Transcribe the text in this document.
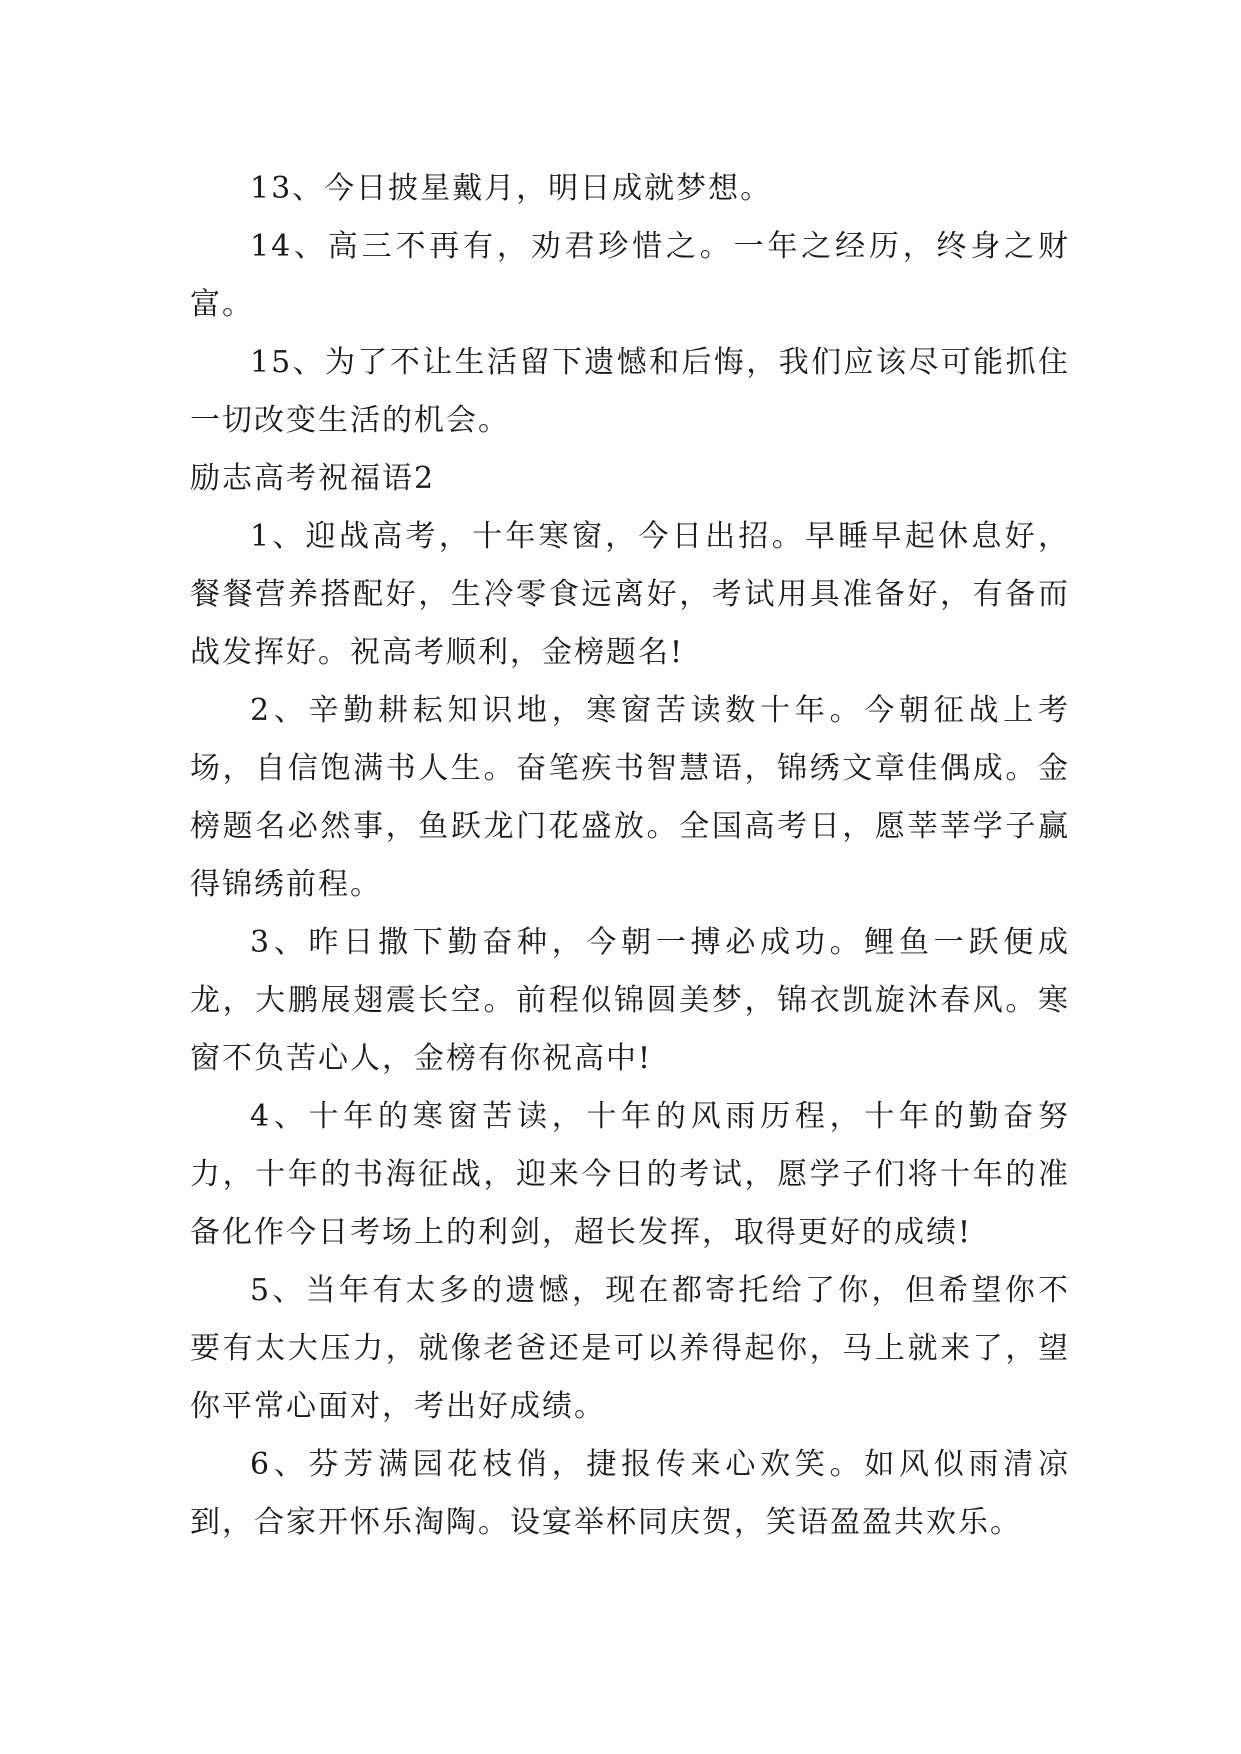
13、今日披星戴月，明日成就梦想。

14、高三不再有，劝君珍惜之。一年之经历，终身之财富。

15、为了不让生活留下遗憾和后悔，我们应该尽可能抓住一切改变生活的机会。

励志高考祝福语2

1、迎战高考，十年寒窗，今日出招。早睡早起休息好，餐餐营养搭配好，生冷零食远离好，考试用具准备好，有备而战发挥好。祝高考顺利，金榜题名!

2、辛勤耕耘知识地，寒窗苦读数十年。今朝征战上考场，自信饱满书人生。奋笔疾书智慧语，锦绣文章佳偶成。金榜题名必然事，鱼跃龙门花盛放。全国高考日，愿莘莘学子赢得锦绣前程。

3、昨日撒下勤奋种，今朝一搏必成功。鲤鱼一跃便成龙，大鹏展翅震长空。前程似锦圆美梦，锦衣凯旋沐春风。寒窗不负苦心人，金榜有你祝高中!

4、十年的寒窗苦读，十年的风雨历程，十年的勤奋努力，十年的书海征战，迎来今日的考试，愿学子们将十年的准备化作今日考场上的利剑，超长发挥，取得更好的成绩!

5、当年有太多的遗憾，现在都寄托给了你，但希望你不要有太大压力，就像老爸还是可以养得起你，马上就来了，望你平常心面对，考出好成绩。

6、芬芳满园花枝俏，捷报传来心欢笑。如风似雨清凉到，合家开怀乐淘陶。设宴举杯同庆贺，笑语盈盈共欢乐。
